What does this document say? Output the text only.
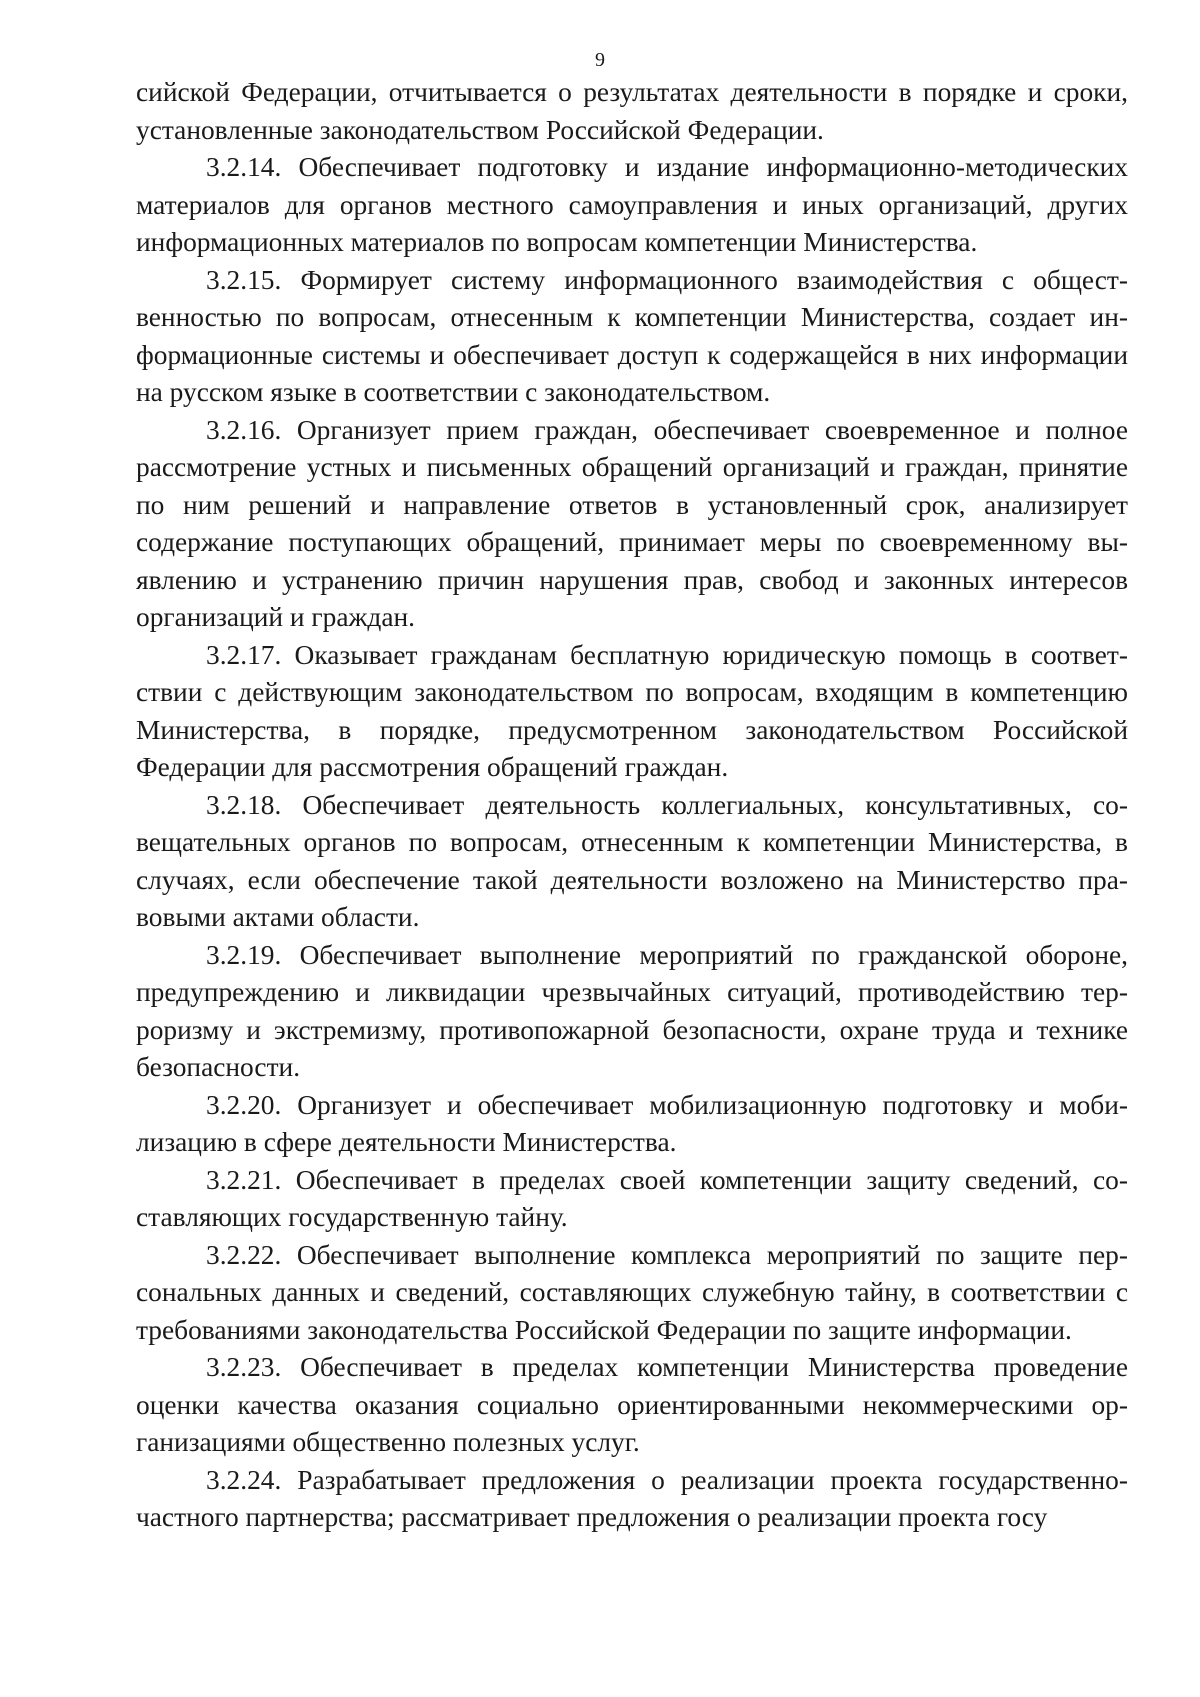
9

сийской Федерации, отчитывается о результатах деятельности в порядке и сроки, установленные законодательством Российской Федерации.

3.2.14. Обеспечивает подготовку и издание информационно-методических материалов для органов местного самоуправления и иных организаций, других информационных материалов по вопросам компетенции Министерства.

3.2.15. Формирует систему информационного взаимодействия с общественностью по вопросам, отнесенным к компетенции Министерства, создает информационные системы и обеспечивает доступ к содержащейся в них информации на русском языке в соответствии с законодательством.

3.2.16. Организует прием граждан, обеспечивает своевременное и полное рассмотрение устных и письменных обращений организаций и граждан, принятие по ним решений и направление ответов в установленный срок, анализирует содержание поступающих обращений, принимает меры по своевременному выявлению и устранению причин нарушения прав, свобод и законных интересов организаций и граждан.

3.2.17. Оказывает гражданам бесплатную юридическую помощь в соответствии с действующим законодательством по вопросам, входящим в компетенцию Министерства, в порядке, предусмотренном законодательством Российской Федерации для рассмотрения обращений граждан.

3.2.18. Обеспечивает деятельность коллегиальных, консультативных, совещательных органов по вопросам, отнесенным к компетенции Министерства, в случаях, если обеспечение такой деятельности возложено на Министерство правовыми актами области.

3.2.19. Обеспечивает выполнение мероприятий по гражданской обороне, предупреждению и ликвидации чрезвычайных ситуаций, противодействию терроризму и экстремизму, противопожарной безопасности, охране труда и технике безопасности.

3.2.20. Организует и обеспечивает мобилизационную подготовку и мобилизацию в сфере деятельности Министерства.

3.2.21. Обеспечивает в пределах своей компетенции защиту сведений, составляющих государственную тайну.

3.2.22. Обеспечивает выполнение комплекса мероприятий по защите персональных данных и сведений, составляющих служебную тайну, в соответствии с требованиями законодательства Российской Федерации по защите информации.

3.2.23. Обеспечивает в пределах компетенции Министерства проведение оценки качества оказания социально ориентированными некоммерческими организациями общественно полезных услуг.

3.2.24. Разрабатывает предложения о реализации проекта государственно-частного партнерства; рассматривает предложения о реализации проекта госу
